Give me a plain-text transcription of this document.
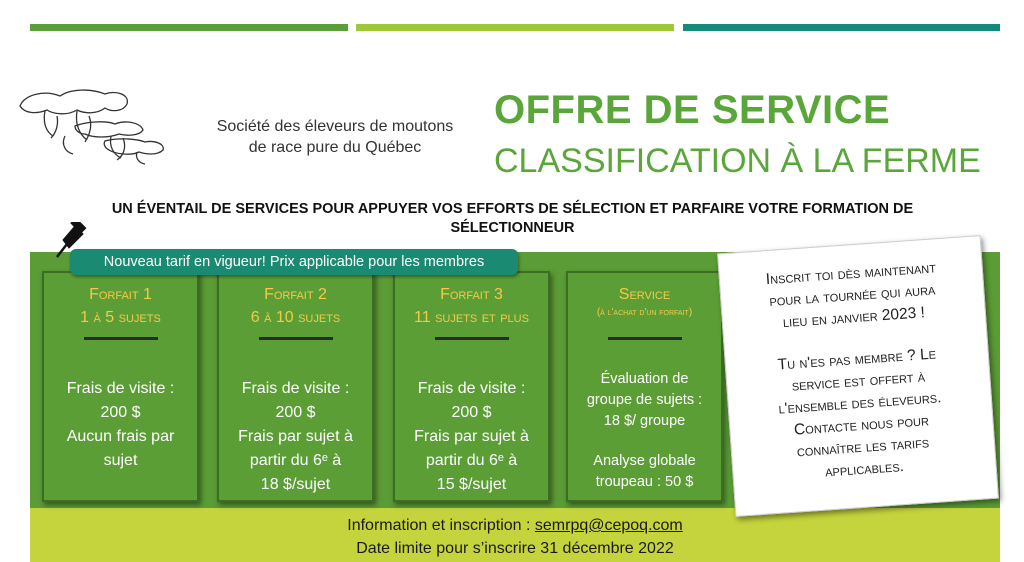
Société des éleveurs de moutons
de race pure du Québec
OFFRE DE SERVICE
CLASSIFICATION À LA FERME
UN ÉVENTAIL DE SERVICES POUR APPUYER VOS EFFORTS DE SÉLECTION ET PARFAIRE VOTRE FORMATION DE
SÉLECTIONNEUR
Forfait 1
1 à 5 sujets
Frais de visite :
200 $
Aucun frais par
sujet
Forfait 2
6 à 10 sujets
Frais de visite :
200 $
Frais par sujet à
partir du 6ᵉ à
18 $/sujet
Forfait 3
11 sujets et plus
Frais de visite :
200 $
Frais par sujet à
partir du 6ᵉ à
15 $/sujet
Service
(à l'achat d'un forfait)
Évaluation de
groupe de sujets :
18 $/ groupe
Analyse globale
troupeau : 50 $
Nouveau tarif en vigueur! Prix applicable pour les membres	Inscrit toi dès maintenant
pour la tournée qui aura
lieu en janvier 2023 !
Tu n'es pas membre ? Le
service est offert à
l'ensemble des éleveurs.
Contacte nous pour
connaître les tarifs
applicables.
Information et inscription : semrpq@cepoq.com
Date limite pour s’inscrire 31 décembre 2022
